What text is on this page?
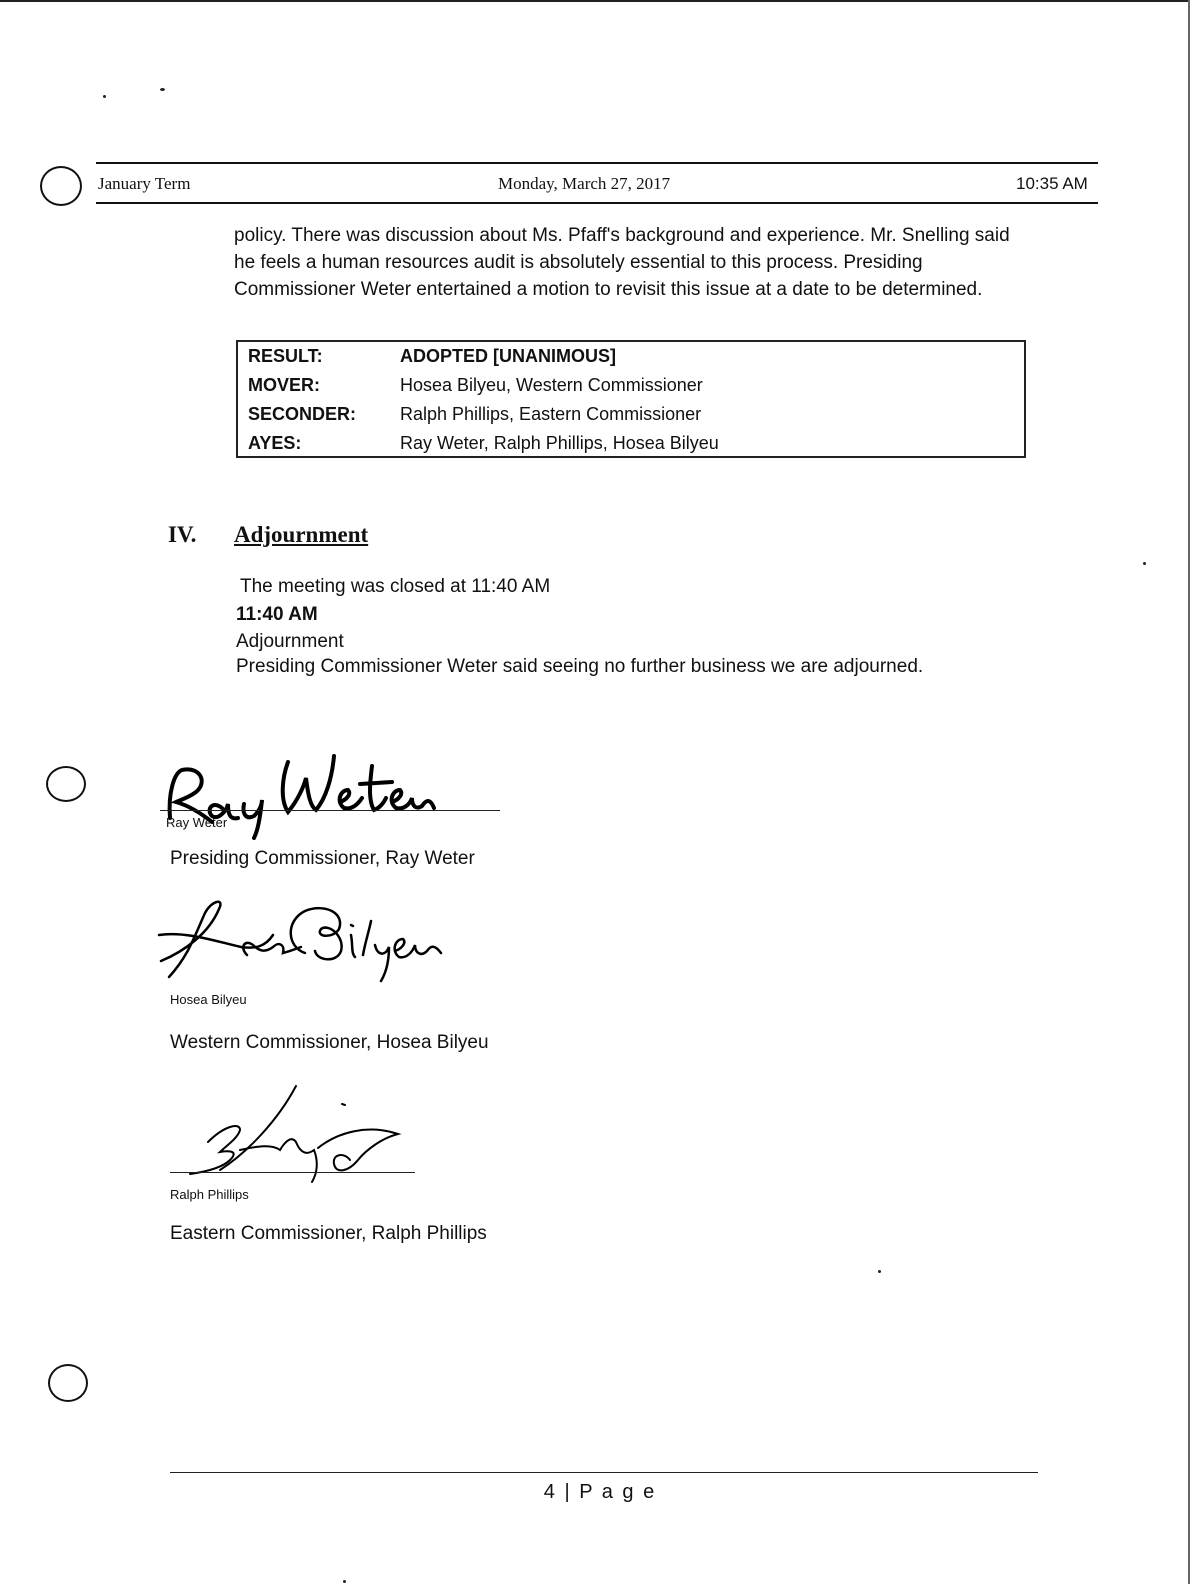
January Term	Monday, March 27, 2017	10:35 AM
policy. There was discussion about Ms. Pfaff's background and experience. Mr. Snelling said he feels a human resources audit is absolutely essential to this process. Presiding Commissioner Weter entertained a motion to revisit this issue at a date to be determined.
RESULT:	ADOPTED [UNANIMOUS]
MOVER:	Hosea Bilyeu, Western Commissioner
SECONDER: Ralph Phillips, Eastern Commissioner
AYES:	Ray Weter, Ralph Phillips, Hosea Bilyeu
IV. Adjournment
The meeting was closed at 11:40 AM
11:40 AM
Adjournment
Presiding Commissioner Weter said seeing no further business we are adjourned.
Ray Weter
Presiding Commissioner, Ray Weter
Hosea Bilyeu
Western Commissioner, Hosea Bilyeu
Ralph Phillips
Eastern Commissioner, Ralph Phillips
4 | P a g e
